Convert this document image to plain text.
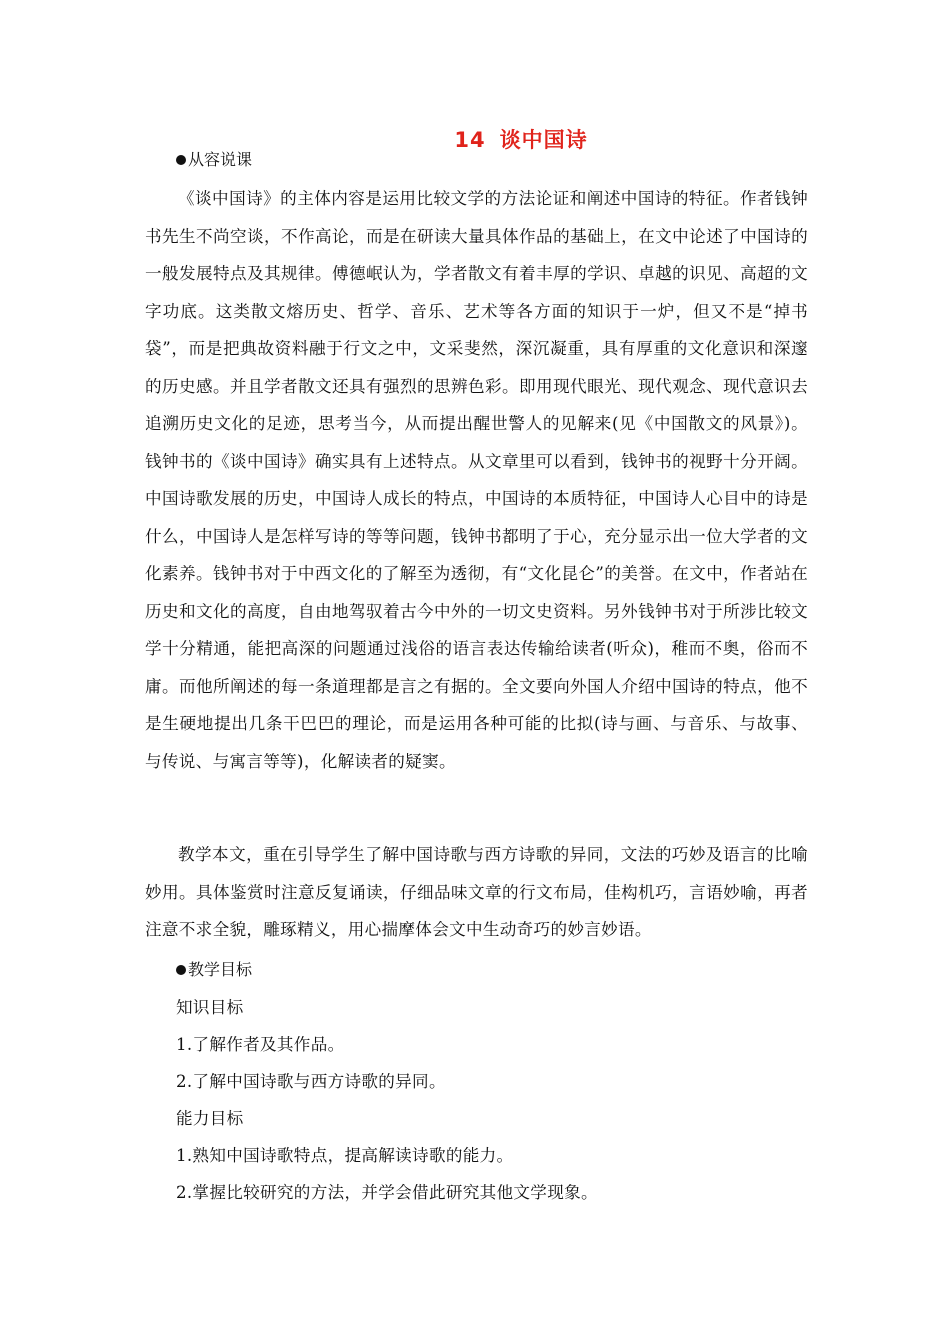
14 谈中国诗
从容说课

《谈中国诗》的主体内容是运用比较文学的方法论证和阐述中国诗的特征。作者钱钟书先生不尚空谈，不作高论，而是在研读大量具体作品的基础上，在文中论述了中国诗的一般发展特点及其规律。傅德岷认为，学者散文有着丰厚的学识、卓越的识见、高超的文字功底。这类散文熔历史、哲学、音乐、艺术等各方面的知识于一炉，但又不是“掉书袋”，而是把典故资料融于行文之中，文采斐然，深沉凝重，具有厚重的文化意识和深邃的历史感。并且学者散文还具有强烈的思辨色彩。即用现代眼光、现代观念、现代意识去追溯历史文化的足迹，思考当今，从而提出醒世警人的见解来(见《中国散文的风景》)。钱钟书的《谈中国诗》确实具有上述特点。从文章里可以看到，钱钟书的视野十分开阔。中国诗歌发展的历史，中国诗人成长的特点，中国诗的本质特征，中国诗人心目中的诗是什么，中国诗人是怎样写诗的等等问题，钱钟书都明了于心，充分显示出一位大学者的文化素养。钱钟书对于中西文化的了解至为透彻，有“文化昆仑”的美誉。在文中，作者站在历史和文化的高度，自由地驾驭着古今中外的一切文史资料。另外钱钟书对于所涉比较文学十分精通，能把高深的问题通过浅俗的语言表达传输给读者(听众)，稚而不奥，俗而不庸。而他所阐述的每一条道理都是言之有据的。全文要向外国人介绍中国诗的特点，他不是生硬地提出几条干巴巴的理论，而是运用各种可能的比拟(诗与画、与音乐、与故事、与传说、与寓言等等)，化解读者的疑窦。

教学本文，重在引导学生了解中国诗歌与西方诗歌的异同，文法的巧妙及语言的比喻妙用。具体鉴赏时注意反复诵读，仔细品味文章的行文布局，佳构机巧，言语妙喻，再者注意不求全貌，雕琢精义，用心揣摩体会文中生动奇巧的妙言妙语。

教学目标
知识目标
1.了解作者及其作品。
2.了解中国诗歌与西方诗歌的异同。
能力目标
1.熟知中国诗歌特点，提高解读诗歌的能力。
2.掌握比较研究的方法，并学会借此研究其他文学现象。
